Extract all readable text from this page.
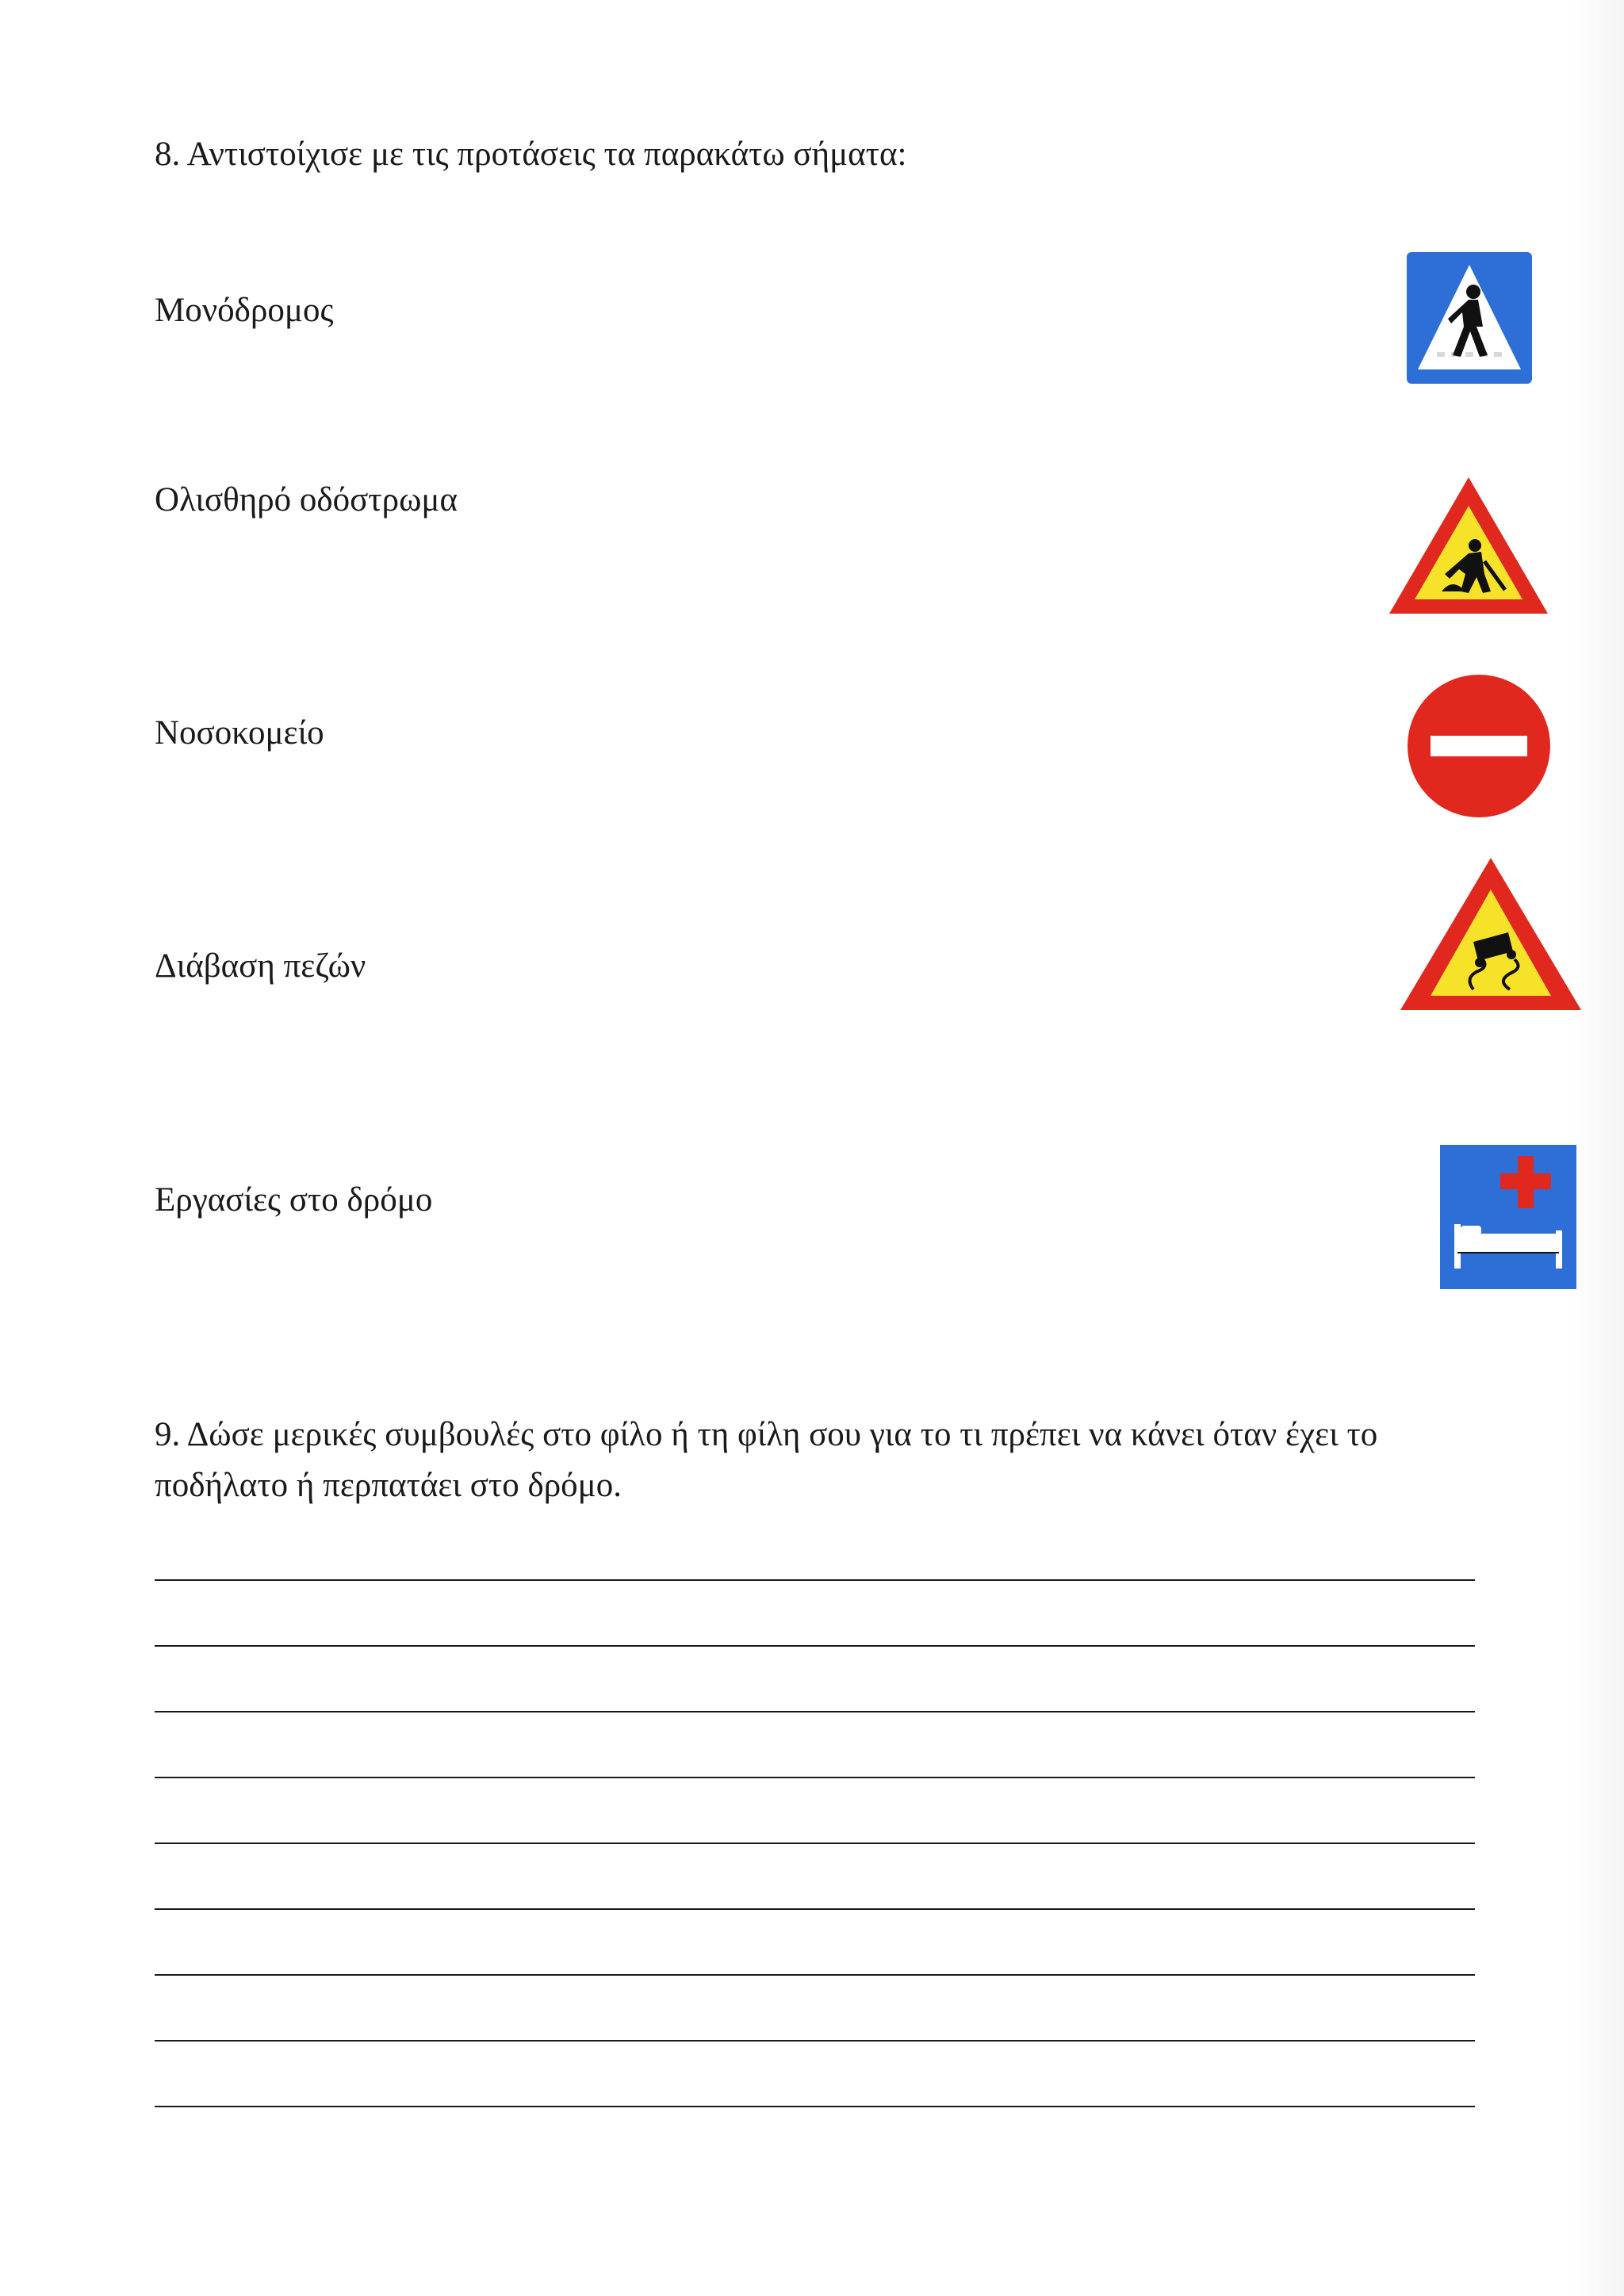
8. Αντιστοίχισε με τις προτάσεις τα παρακάτω σήματα:
Μονόδρομος
Ολισθηρό οδόστρωμα
Νοσοκομείο
Διάβαση πεζών
Εργασίες στο δρόμο
9. Δώσε μερικές συμβουλές στο φίλο ή τη φίλη σου για το τι πρέπει να κάνει όταν έχει το ποδήλατο ή περπατάει στο δρόμο.
